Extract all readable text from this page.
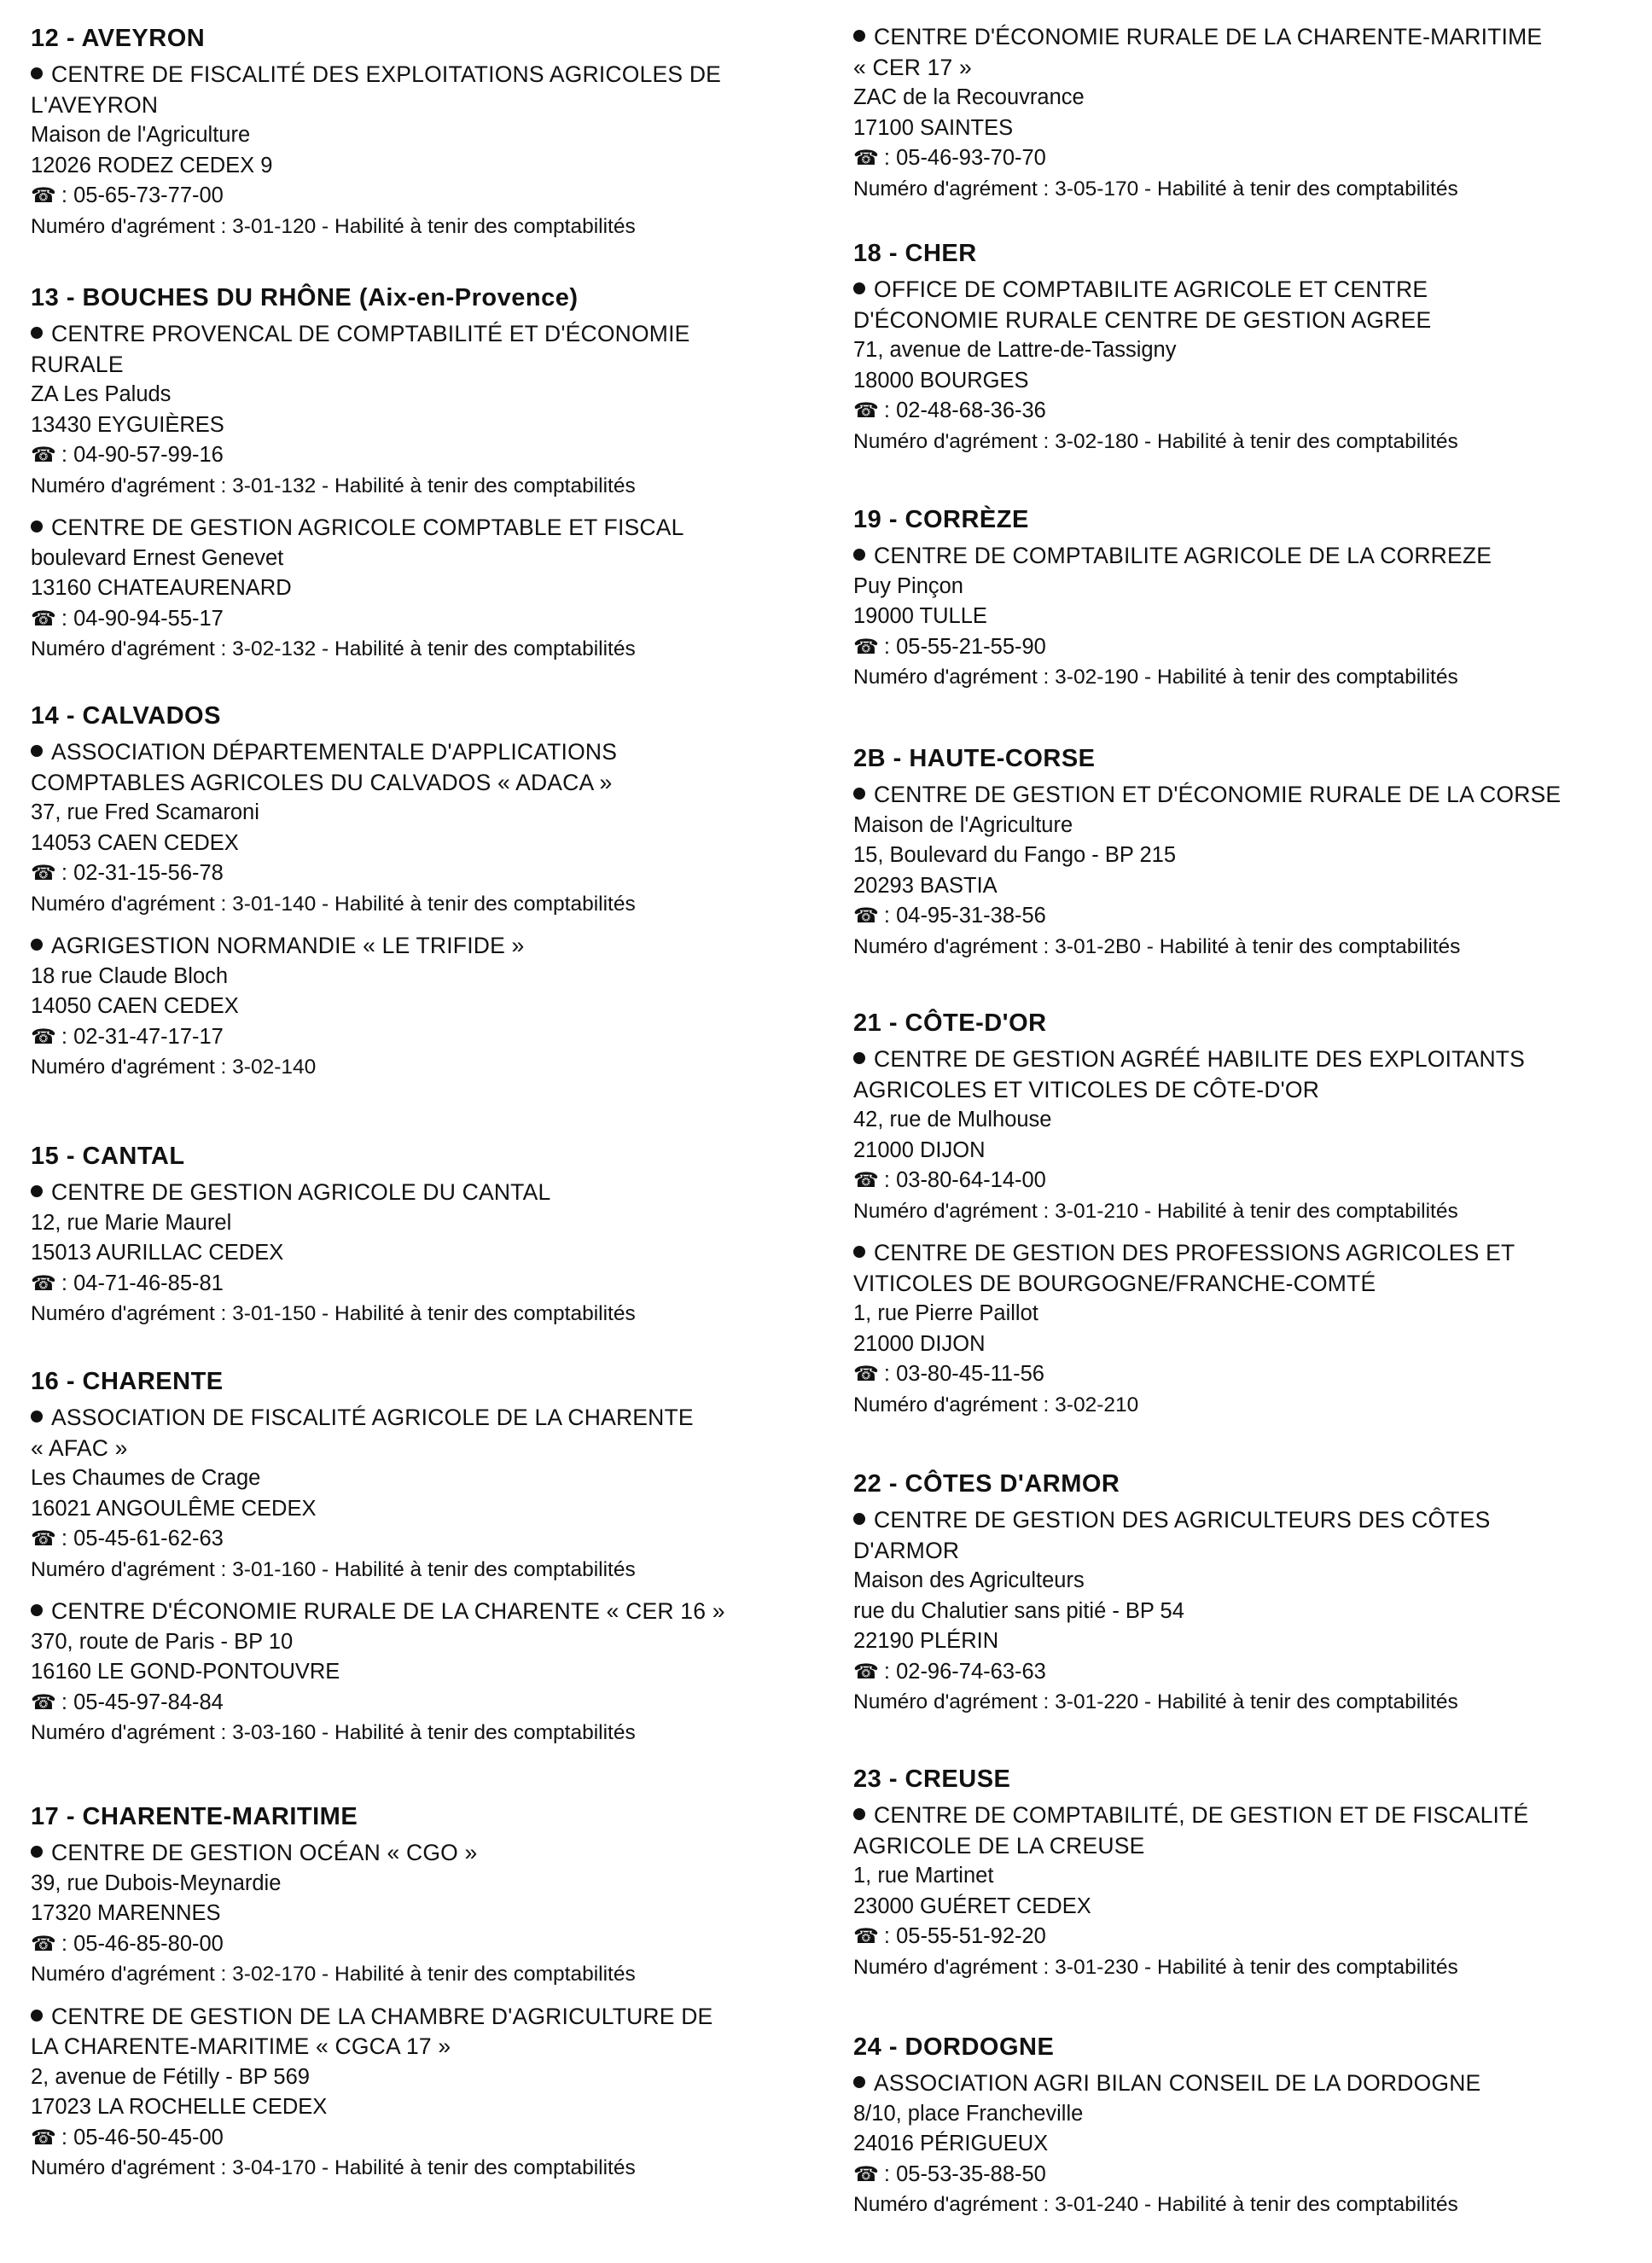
12 - AVEYRON
CENTRE DE FISCALITÉ DES EXPLOITATIONS AGRICOLES DE
L'AVEYRON
Maison de l'Agriculture
12026 RODEZ CEDEX 9
☎ : 05-65-73-77-00
Numéro d'agrément : 3-01-120 - Habilité à tenir des comptabilités
13 - BOUCHES DU RHÔNE (Aix-en-Provence)
CENTRE PROVENCAL DE COMPTABILITÉ ET D'ÉCONOMIE
RURALE
ZA Les Paluds
13430 EYGUIÈRES
☎ : 04-90-57-99-16
Numéro d'agrément : 3-01-132 - Habilité à tenir des comptabilités
CENTRE DE GESTION AGRICOLE COMPTABLE ET FISCAL
boulevard Ernest Genevet
13160 CHATEAURENARD
☎ : 04-90-94-55-17
Numéro d'agrément : 3-02-132 - Habilité à tenir des comptabilités
14 - CALVADOS
ASSOCIATION DÉPARTEMENTALE D'APPLICATIONS
COMPTABLES AGRICOLES DU CALVADOS « ADACA »
37, rue Fred Scamaroni
14053 CAEN CEDEX
☎ : 02-31-15-56-78
Numéro d'agrément : 3-01-140 - Habilité à tenir des comptabilités
AGRIGESTION NORMANDIE « LE TRIFIDE »
18 rue Claude Bloch
14050 CAEN CEDEX
☎ : 02-31-47-17-17
Numéro d'agrément : 3-02-140
15 - CANTAL
CENTRE DE GESTION AGRICOLE DU CANTAL
12, rue Marie Maurel
15013 AURILLAC CEDEX
☎ : 04-71-46-85-81
Numéro d'agrément : 3-01-150 - Habilité à tenir des comptabilités
16 - CHARENTE
ASSOCIATION DE FISCALITÉ AGRICOLE DE LA CHARENTE
« AFAC »
Les Chaumes de Crage
16021 ANGOULÊME CEDEX
☎ : 05-45-61-62-63
Numéro d'agrément : 3-01-160 - Habilité à tenir des comptabilités
CENTRE D'ÉCONOMIE RURALE DE LA CHARENTE « CER 16 »
370, route de Paris - BP 10
16160 LE GOND-PONTOUVRE
☎ : 05-45-97-84-84
Numéro d'agrément : 3-03-160 - Habilité à tenir des comptabilités
17 - CHARENTE-MARITIME
CENTRE DE GESTION OCÉAN « CGO »
39, rue Dubois-Meynardie
17320 MARENNES
☎ : 05-46-85-80-00
Numéro d'agrément : 3-02-170 - Habilité à tenir des comptabilités
CENTRE DE GESTION DE LA CHAMBRE D'AGRICULTURE DE
LA CHARENTE-MARITIME « CGCA 17 »
2, avenue de Fétilly - BP 569
17023 LA ROCHELLE CEDEX
☎ : 05-46-50-45-00
Numéro d'agrément : 3-04-170 - Habilité à tenir des comptabilités
CENTRE D'ÉCONOMIE RURALE DE LA CHARENTE-MARITIME
« CER 17 »
ZAC de la Recouvrance
17100 SAINTES
☎ : 05-46-93-70-70
Numéro d'agrément : 3-05-170 - Habilité à tenir des comptabilités
18 - CHER
OFFICE DE COMPTABILITE AGRICOLE ET CENTRE
D'ÉCONOMIE RURALE CENTRE DE GESTION AGREE
71, avenue de Lattre-de-Tassigny
18000 BOURGES
☎ : 02-48-68-36-36
Numéro d'agrément : 3-02-180 - Habilité à tenir des comptabilités
19 - CORRÈZE
CENTRE DE COMPTABILITE AGRICOLE DE LA CORREZE
Puy Pinçon
19000 TULLE
☎ : 05-55-21-55-90
Numéro d'agrément : 3-02-190 - Habilité à tenir des comptabilités
2B - HAUTE-CORSE
CENTRE DE GESTION ET D'ÉCONOMIE RURALE DE LA CORSE
Maison de l'Agriculture
15, Boulevard du Fango - BP 215
20293 BASTIA
☎ : 04-95-31-38-56
Numéro d'agrément : 3-01-2B0 - Habilité à tenir des comptabilités
21 - CÔTE-D'OR
CENTRE DE GESTION AGRÉÉ HABILITE DES EXPLOITANTS
AGRICOLES ET VITICOLES DE CÔTE-D'OR
42, rue de Mulhouse
21000 DIJON
☎ : 03-80-64-14-00
Numéro d'agrément : 3-01-210 - Habilité à tenir des comptabilités
CENTRE DE GESTION DES PROFESSIONS AGRICOLES ET
VITICOLES DE BOURGOGNE/FRANCHE-COMTÉ
1, rue Pierre Paillot
21000 DIJON
☎ : 03-80-45-11-56
Numéro d'agrément : 3-02-210
22 - CÔTES D'ARMOR
CENTRE DE GESTION DES AGRICULTEURS DES CÔTES
D'ARMOR
Maison des Agriculteurs
rue du Chalutier sans pitié - BP 54
22190 PLÉRIN
☎ : 02-96-74-63-63
Numéro d'agrément : 3-01-220 - Habilité à tenir des comptabilités
23 - CREUSE
CENTRE DE COMPTABILITÉ, DE GESTION ET DE FISCALITÉ
AGRICOLE DE LA CREUSE
1, rue Martinet
23000 GUÉRET CEDEX
☎ : 05-55-51-92-20
Numéro d'agrément : 3-01-230 - Habilité à tenir des comptabilités
24 - DORDOGNE
ASSOCIATION AGRI BILAN CONSEIL DE LA DORDOGNE
8/10, place Francheville
24016 PÉRIGUEUX
☎ : 05-53-35-88-50
Numéro d'agrément : 3-01-240 - Habilité à tenir des comptabilités
